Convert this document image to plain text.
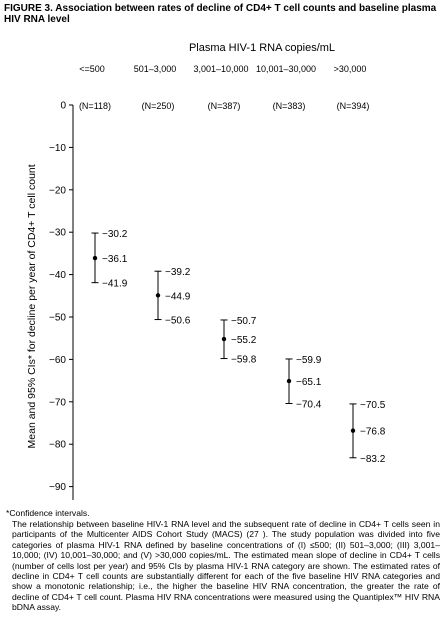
FIGURE 3. Association between rates of decline of CD4+ T cell counts and baseline plasma HIV RNA level
Plasma HIV-1 RNA copies/mL
<=500	501–3,000 3,001–10,000 10,001–30,000 >30,000
0
−10
−20
−30
−40
−50
−60
−70
−80
−90
Mean and 95% CIs* for decline per year of CD4+ T cell count
(N=118)	(N=250)	(N=387)	(N=383)	(N=394)
−30.2
−36.1
−41.9
−39.2
−44.9
−50.6	−50.7
−55.2
−59.8	−59.9
−65.1
−70.4	−70.5
−76.8
−83.2
*Confidence intervals.
The relationship between baseline HIV-1 RNA level and the subsequent rate of decline in CD4+ T cells seen in participants of the Multicenter AIDS Cohort Study (MACS) (27 ). The study population was divided into five categories of plasma HIV-1 RNA defined by baseline concentrations of (I) ≤500; (II) 501–3,000; (III) 3,001–10,000; (IV) 10,001–30,000; and (V) >30,000 copies/mL. The estimated mean slope of decline in CD4+ T cells (number of cells lost per year) and 95% CIs by plasma HIV-1 RNA category are shown. The estimated rates of decline in CD4+ T cell counts are substantially different for each of the five baseline HIV RNA categories and show a monotonic relationship; i.e., the higher the baseline HIV RNA concentration, the greater the rate of decline of CD4+ T cell count. Plasma HIV RNA concentrations were measured using the Quantiplex™ HIV RNA bDNA assay.
